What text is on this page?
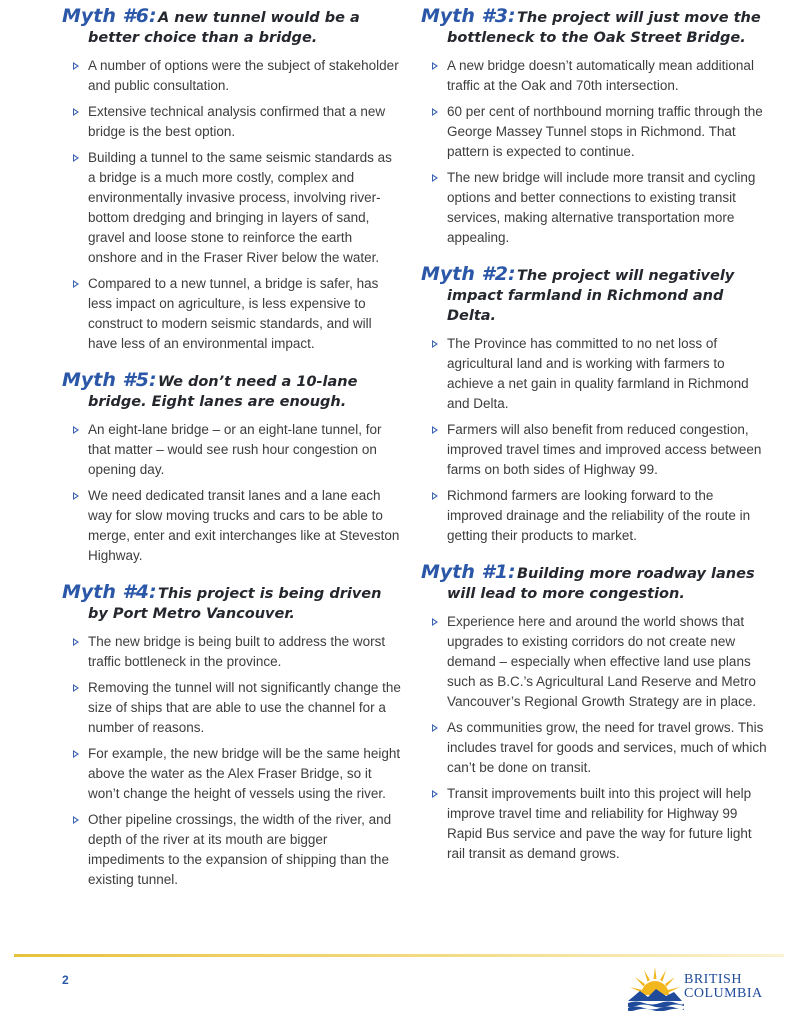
Myth #6: A new tunnel would be a better choice than a bridge.
A number of options were the subject of stakeholder and public consultation.
Extensive technical analysis confirmed that a new bridge is the best option.
Building a tunnel to the same seismic standards as a bridge is a much more costly, complex and environmentally invasive process, involving river-bottom dredging and bringing in layers of sand, gravel and loose stone to reinforce the earth onshore and in the Fraser River below the water.
Compared to a new tunnel, a bridge is safer, has less impact on agriculture, is less expensive to construct to modern seismic standards, and will have less of an environmental impact.
Myth #5: We don’t need a 10-lane bridge. Eight lanes are enough.
An eight-lane bridge – or an eight-lane tunnel, for that matter – would see rush hour congestion on opening day.
We need dedicated transit lanes and a lane each way for slow moving trucks and cars to be able to merge, enter and exit interchanges like at Steveston Highway.
Myth #4: This project is being driven by Port Metro Vancouver.
The new bridge is being built to address the worst traffic bottleneck in the province.
Removing the tunnel will not significantly change the size of ships that are able to use the channel for a number of reasons.
For example, the new bridge will be the same height above the water as the Alex Fraser Bridge, so it won’t change the height of vessels using the river.
Other pipeline crossings, the width of the river, and depth of the river at its mouth are bigger impediments to the expansion of shipping than the existing tunnel.
Myth #3: The project will just move the bottleneck to the Oak Street Bridge.
A new bridge doesn’t automatically mean additional traffic at the Oak and 70th intersection.
60 per cent of northbound morning traffic through the George Massey Tunnel stops in Richmond. That pattern is expected to continue.
The new bridge will include more transit and cycling options and better connections to existing transit services, making alternative transportation more appealing.
Myth #2: The project will negatively impact farmland in Richmond and Delta.
The Province has committed to no net loss of agricultural land and is working with farmers to achieve a net gain in quality farmland in Richmond and Delta.
Farmers will also benefit from reduced congestion, improved travel times and improved access between farms on both sides of Highway 99.
Richmond farmers are looking forward to the improved drainage and the reliability of the route in getting their products to market.
Myth #1: Building more roadway lanes will lead to more congestion.
Experience here and around the world shows that upgrades to existing corridors do not create new demand – especially when effective land use plans such as B.C.’s Agricultural Land Reserve and Metro Vancouver’s Regional Growth Strategy are in place.
As communities grow, the need for travel grows. This includes travel for goods and services, much of which can’t be done on transit.
Transit improvements built into this project will help improve travel time and reliability for Highway 99 Rapid Bus service and pave the way for future light rail transit as demand grows.
2	BRITISH
COLUMBIA
